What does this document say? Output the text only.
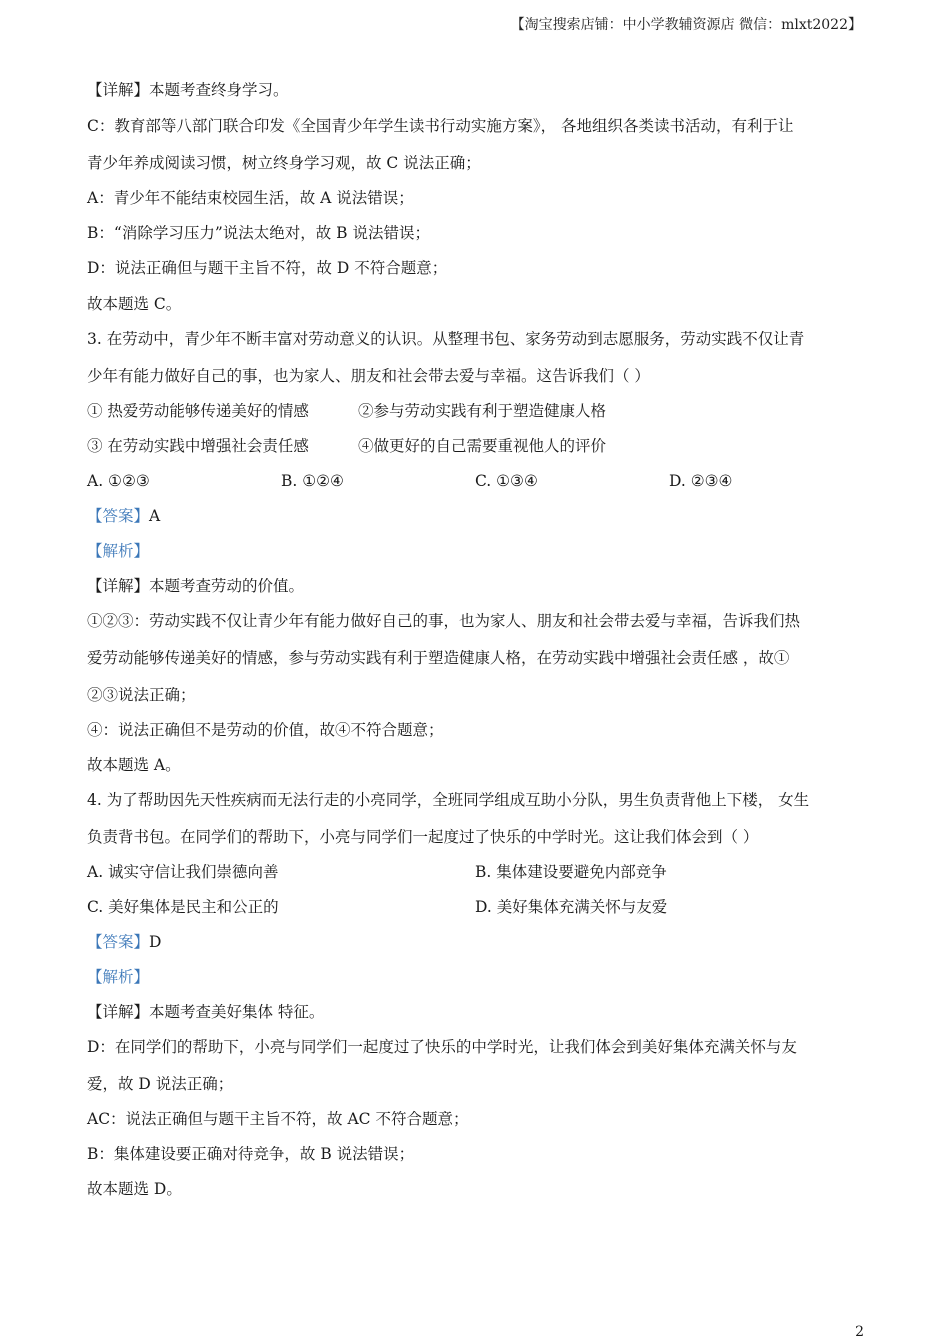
【淘宝搜索店铺：中小学教辅资源店 微信：mlxt2022】
【详解】本题考查终身学习。
C：教育部等八部门联合印发《全国青少年学生读书行动实施方案》， 各地组织各类读书活动，有利于让
青少年养成阅读习惯，树立终身学习观，故 C 说法正确；
A：青少年不能结束校园生活，故 A 说法错误；
B：“消除学习压力”说法太绝对，故 B 说法错误；
D：说法正确但与题干主旨不符，故 D 不符合题意；
故本题选 C。
3. 在劳动中，青少年不断丰富对劳动意义的认识。从整理书包、家务劳动到志愿服务，劳动实践不仅让青
少年有能力做好自己的事，也为家人、朋友和社会带去爱与幸福。这告诉我们（ ）
① 热爱劳动能够传递美好的情感	②参与劳动实践有利于塑造健康人格
③ 在劳动实践中增强社会责任感	④做更好的自己需要重视他人的评价
A. ①②③	B. ①②④	C. ①③④	D. ②③④
【答案】A
【解析】
【详解】本题考查劳动的价值。
①②③：劳动实践不仅让青少年有能力做好自己的事，也为家人、朋友和社会带去爱与幸福，告诉我们热
爱劳动能够传递美好的情感，参与劳动实践有利于塑造健康人格，在劳动实践中增强社会责任感 ，故①
②③说法正确；
④：说法正确但不是劳动的价值，故④不符合题意；
故本题选 A。
4. 为了帮助因先天性疾病而无法行走的小亮同学，全班同学组成互助小分队，男生负责背他上下楼， 女生
负责背书包。在同学们的帮助下，小亮与同学们一起度过了快乐的中学时光。这让我们体会到（ ）
A. 诚实守信让我们崇德向善	B. 集体建设要避免内部竞争
C. 美好集体是民主和公正的	D. 美好集体充满关怀与友爱
【答案】D
【解析】
【详解】本题考查美好集体 特征。
D：在同学们的帮助下，小亮与同学们一起度过了快乐的中学时光，让我们体会到美好集体充满关怀与友
爱，故 D 说法正确；
AC：说法正确但与题干主旨不符，故 AC 不符合题意；
B：集体建设要正确对待竞争，故 B 说法错误；
故本题选 D。
2
